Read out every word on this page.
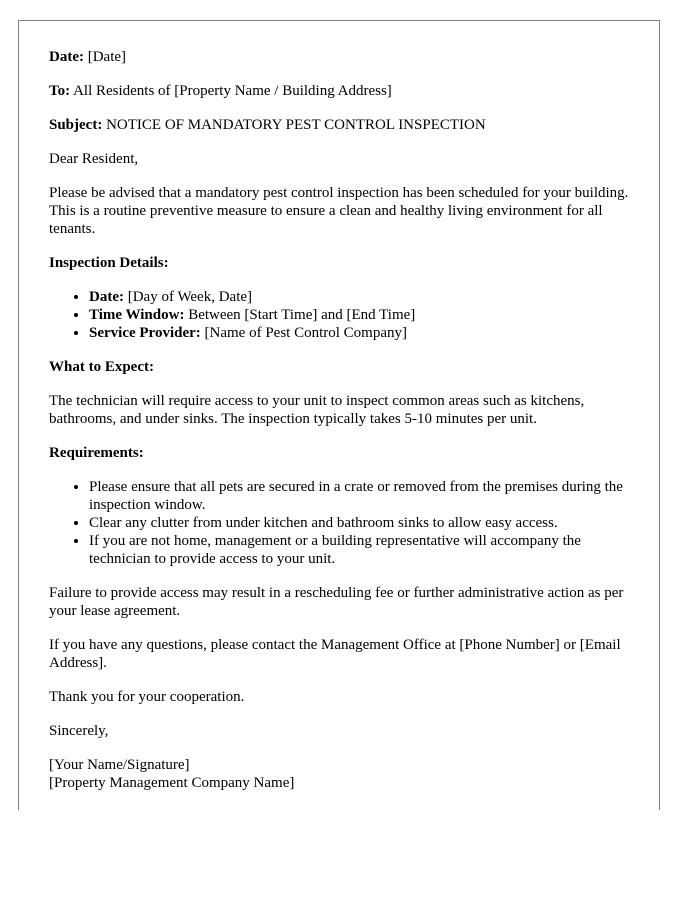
Date: [Date]

To: All Residents of [Property Name / Building Address]

Subject: NOTICE OF MANDATORY PEST CONTROL INSPECTION

Dear Resident,

Please be advised that a mandatory pest control inspection has been scheduled for your building. This is a routine preventive measure to ensure a clean and healthy living environment for all tenants.

Inspection Details:

• Date: [Day of Week, Date]
• Time Window: Between [Start Time] and [End Time]
• Service Provider: [Name of Pest Control Company]

What to Expect:

The technician will require access to your unit to inspect common areas such as kitchens, bathrooms, and under sinks. The inspection typically takes 5-10 minutes per unit.

Requirements:

• Please ensure that all pets are secured in a crate or removed from the premises during the inspection window.
• Clear any clutter from under kitchen and bathroom sinks to allow easy access.
• If you are not home, management or a building representative will accompany the technician to provide access to your unit.

Failure to provide access may result in a rescheduling fee or further administrative action as per your lease agreement.

If you have any questions, please contact the Management Office at [Phone Number] or [Email Address].

Thank you for your cooperation.

Sincerely,

[Your Name/Signature]

[Property Management Company Name]
